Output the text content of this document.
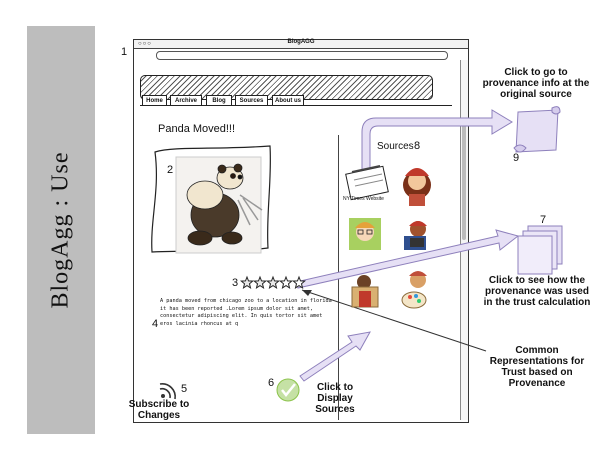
BlogAgg : Use
1
○○○	BlogAGG
Home	Archive	Blog	Sources	About us
Panda Moved!!!
A panda moved from chicago zoo to a location in florida it has been reported .Lorem ipsum dolor sit amet, consectetur adipiscing elit. In quis tortor sit amet eros lacinia rhoncus at q
Sources
NY Times Website
2
3
4
5	6
7
8
9
Click to go to provenance info at the original source
Click to see how the provenance was used in the trust calculation
Common Representations for Trust based on Provenance
Subscribe to Changes
Click to Display Sources
